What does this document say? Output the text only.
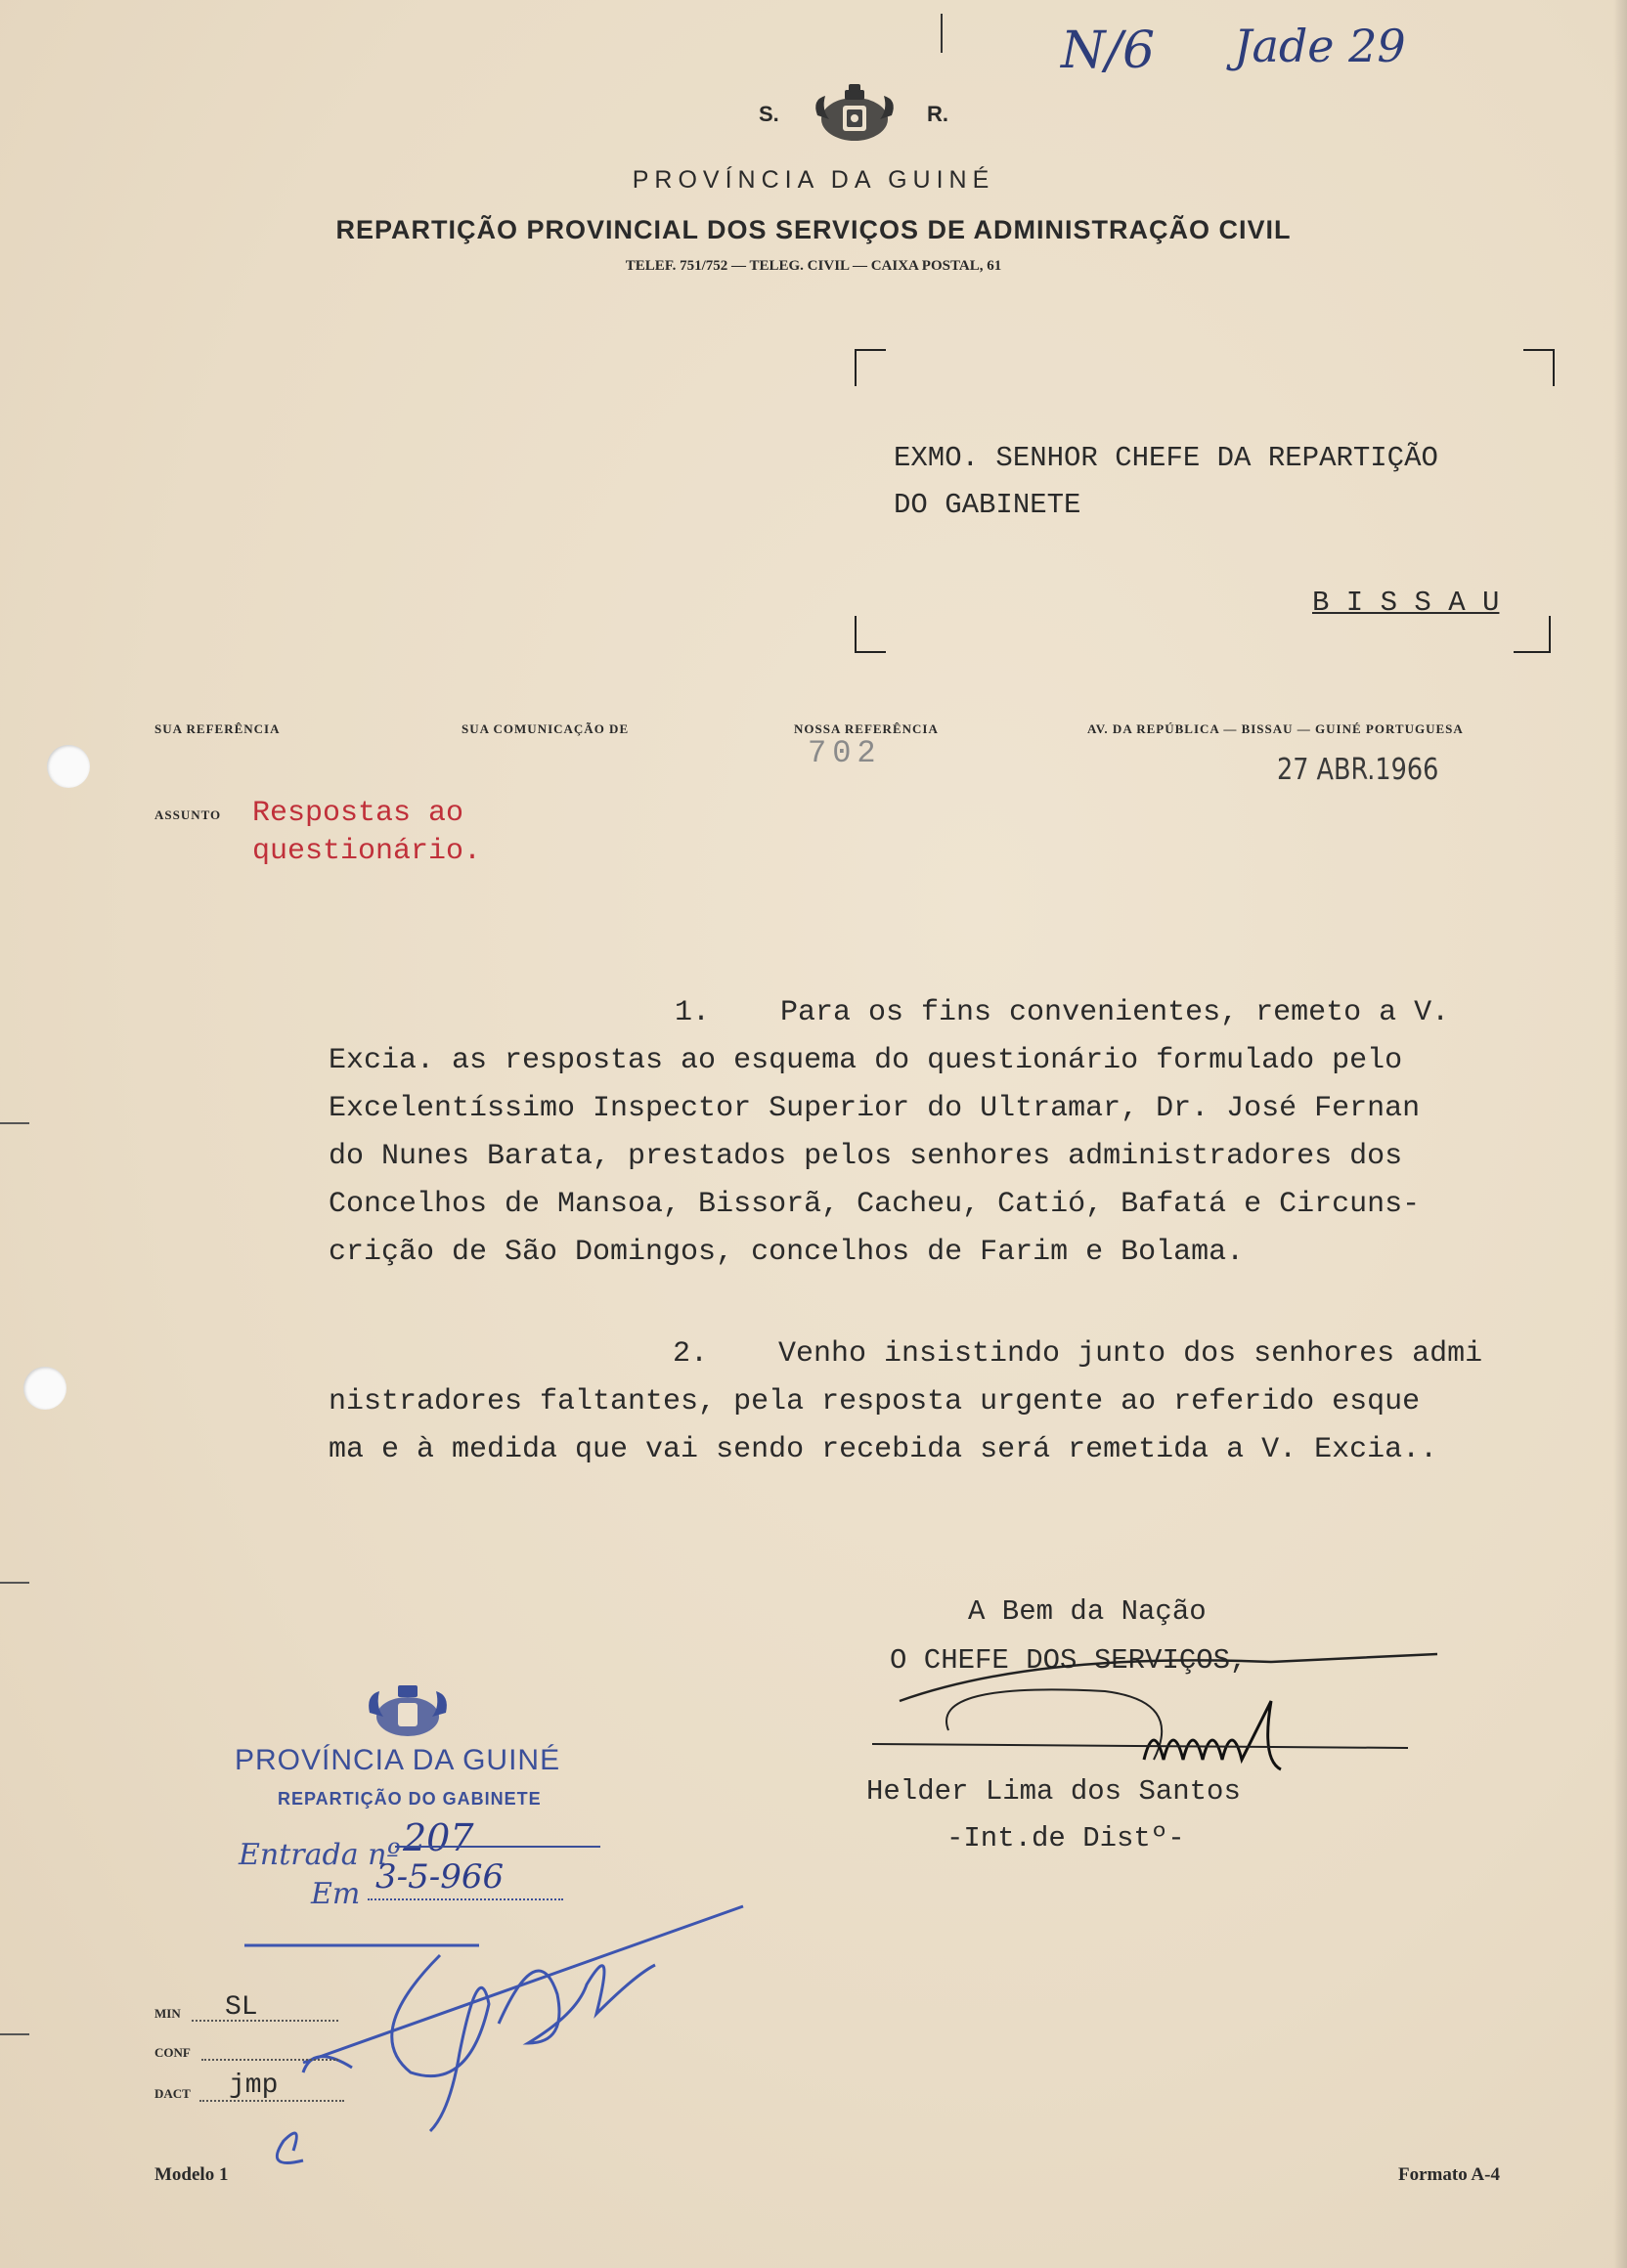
N/6 Jade 29
S.	R.
PROVÍNCIA DA GUINÉ
REPARTIÇÃO PROVINCIAL DOS SERVIÇOS DE ADMINISTRAÇÃO CIVIL
TELEF. 751/752 — TELEG. CIVIL — CAIXA POSTAL, 61
EXMO. SENHOR CHEFE DA REPARTIÇÃO
DO GABINETE
B I S S A U
SUA REFERÊNCIA	SUA COMUNICAÇÃO DE	NOSSA REFERÊNCIA	AV. DA REPÚBLICA — BISSAU — GUINÉ PORTUGUESA
702	27 ABR.1966
ASSUNTO Respostas ao
questionário.
1.    Para os fins convenientes, remeto a V.
Excia. as respostas ao esquema do questionário formulado pelo
Excelentíssimo Inspector Superior do Ultramar, Dr. José Fernan
do Nunes Barata, prestados pelos senhores administradores dos
Concelhos de Mansoa, Bissorã, Cacheu, Catió, Bafatá e Circuns-
crição de São Domingos, concelhos de Farim e Bolama.
2.    Venho insistindo junto dos senhores admi
nistradores faltantes, pela resposta urgente ao referido esque
ma e à medida que vai sendo recebida será remetida a V. Excia..
A Bem da Nação
O CHEFE DOS SERVIÇOS,
Helder Lima dos Santos
-Int.de Distº-
PROVÍNCIA DA GUINÉ
REPARTIÇÃO DO GABINETE
Entrada nº 207
Em 3-5-966
MIN SL
CONF
DACT jmp
Modelo 1	Formato A-4
